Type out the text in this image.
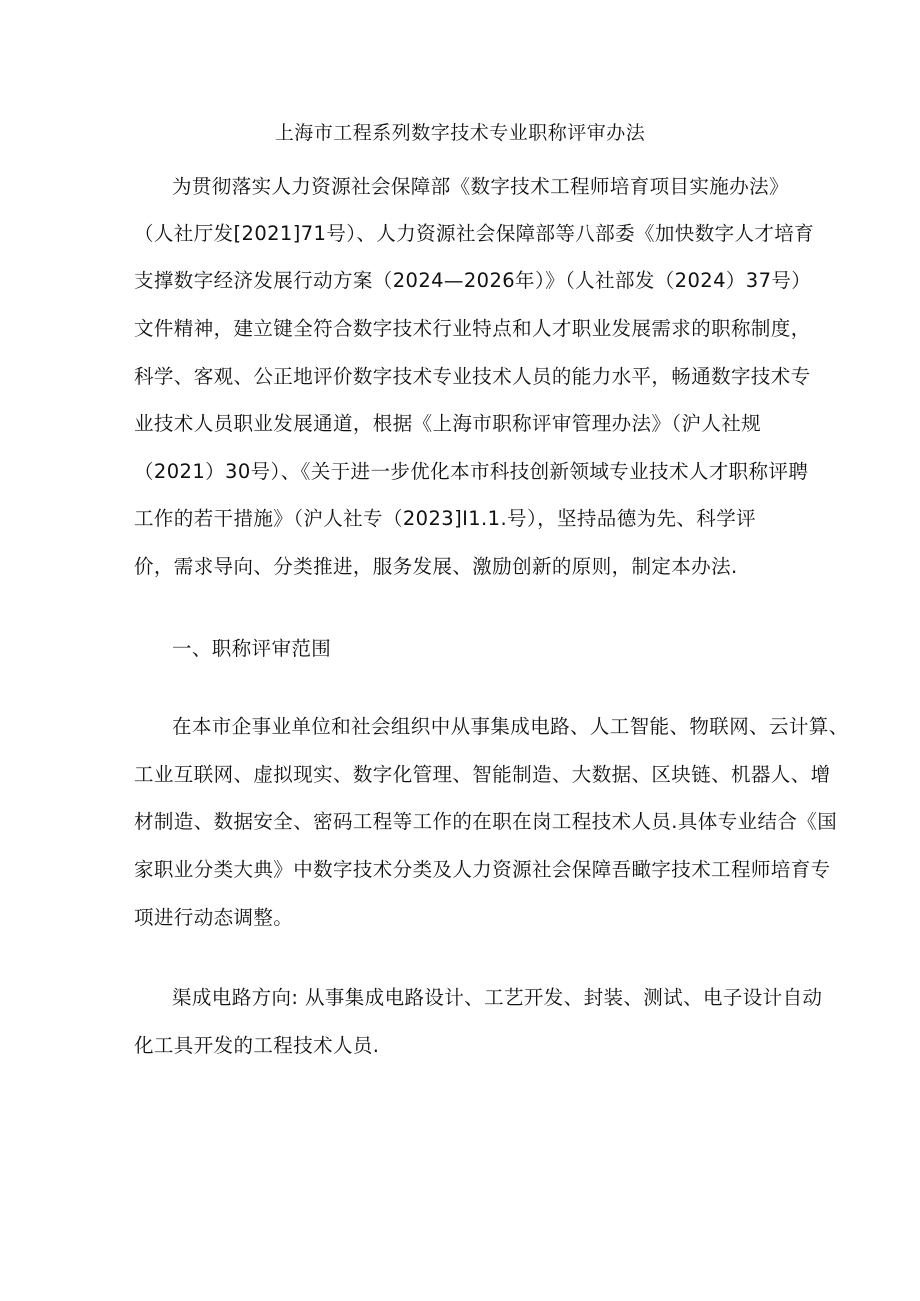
上海市工程系列数字技术专业职称评审办法
为贯彻落实人力资源社会保障部《数字技术工程师培育项目实施办法》
（人社厅发[2021]71号）、人力资源社会保障部等八部委《加快数字人才培育
支撑数字经济发展行动方案（2024—2026年）》（人社部发（2024）37号）
文件精神，建立键全符合数字技术行业特点和人才职业发展需求的职称制度，
科学、客观、公正地评价数字技术专业技术人员的能力水平，畅通数字技术专
业技术人员职业发展通道，根据《上海市职称评审管理办法》（沪人社规
（2021）30号）、《关于进一步优化本市科技创新领域专业技术人才职称评聘
工作的若干措施》（沪人社专（2023]I1.1.号），坚持品德为先、科学评
价，需求导向、分类推进，服务发展、激励创新的原则，制定本办法.
一、职称评审范围
在本市企事业单位和社会组织中从事集成电路、人工智能、物联网、云计算、
工业互联网、虚拟现实、数字化管理、智能制造、大数据、区块链、机器人、增
材制造、数据安全、密码工程等工作的在职在岗工程技术人员.具体专业结合《国
家职业分类大典》中数字技术分类及人力资源社会保障吾瞰字技术工程师培育专
项进行动态调整。
渠成电路方向: 从事集成电路设计、工艺开发、封装、测试、电子设计自动
化工具开发的工程技术人员.
